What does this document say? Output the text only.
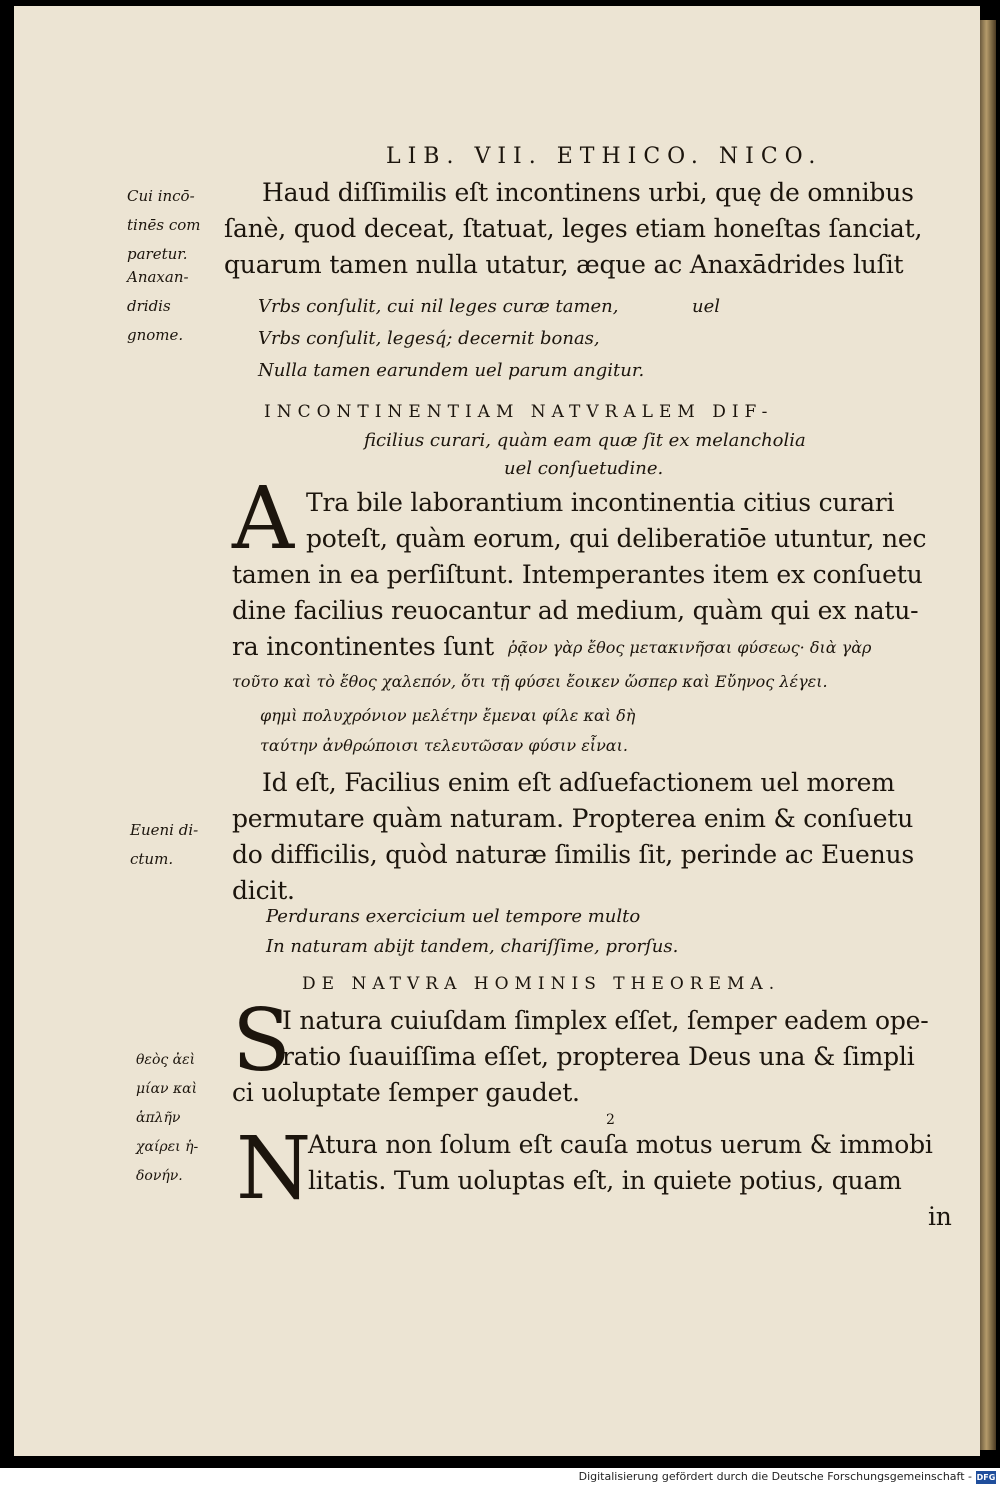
LIB. VII. ETHICO. NICO.
Cui incō-
tinēs com
paretur.
Anaxan-
dridis
gnome.
Haud diſſimilis eſt incontinens urbi, quę de omnibus
ſanè, quod deceat, ſtatuat, leges etiam honeſtas ſanciat,
quarum tamen nulla utatur, æque ac Anaxādrides luſit
Vrbs conſulit, cui nil leges curæ tamen,	uel
Vrbs conſulit, legesq́; decernit bonas,
Nulla tamen earundem uel parum angitur.
INCONTINENTIAM NATVRALEM DIF-
ficilius curari, quàm eam quæ ſit ex melancholia
uel conſuetudine.
A Tra bile laborantium incontinentia citius curari
poteſt, quàm eorum, qui deliberatiōe utuntur, nec
tamen in ea perſiſtunt. Intemperantes item ex conſuetu
dine facilius reuocantur ad medium, quàm qui ex natu-
ra incontinentes ſunt ῥᾷον γὰρ ἔθος μετακινῆσαι φύσεως· διὰ γὰρ
τοῦτο καὶ τὸ ἔθος χαλεπόν, ὅτι τῇ φύσει ἔοικεν ὥσπερ καὶ Εὔηνος λέγει.
φημὶ πολυχρόνιον μελέτην ἔμεναι φίλε καὶ δὴ
ταύτην ἀνθρώποισι τελευτῶσαν φύσιν εἶναι.
Id eſt, Facilius enim eſt adſuefactionem uel morem
permutare quàm naturam. Propterea enim & conſuetu
do difficilis, quòd naturæ ſimilis ſit, perinde ac Euenus
dicit.
Eueni di-
ctum.
Perdurans exercicium uel tempore multo
In naturam abijt tandem, chariſſime, prorſus.
DE NATVRA HOMINIS THEOREMA.
S
I natura cuiuſdam ſimplex eſſet, ſemper eadem ope-
ratio ſuauiſſima eſſet, propterea Deus una & ſimpli
ci uoluptate ſemper gaudet.
θεὸς ἀεὶ
μίαν καὶ
ἁπλῆν
χαίρει ἡ-
δονήν.
2
N
Atura non ſolum eſt cauſa motus uerum & immobi
litatis. Tum uoluptas eſt, in quiete potius, quam
in
Digitalisierung gefördert durch die Deutsche Forschungsgemeinschaft - DFG
